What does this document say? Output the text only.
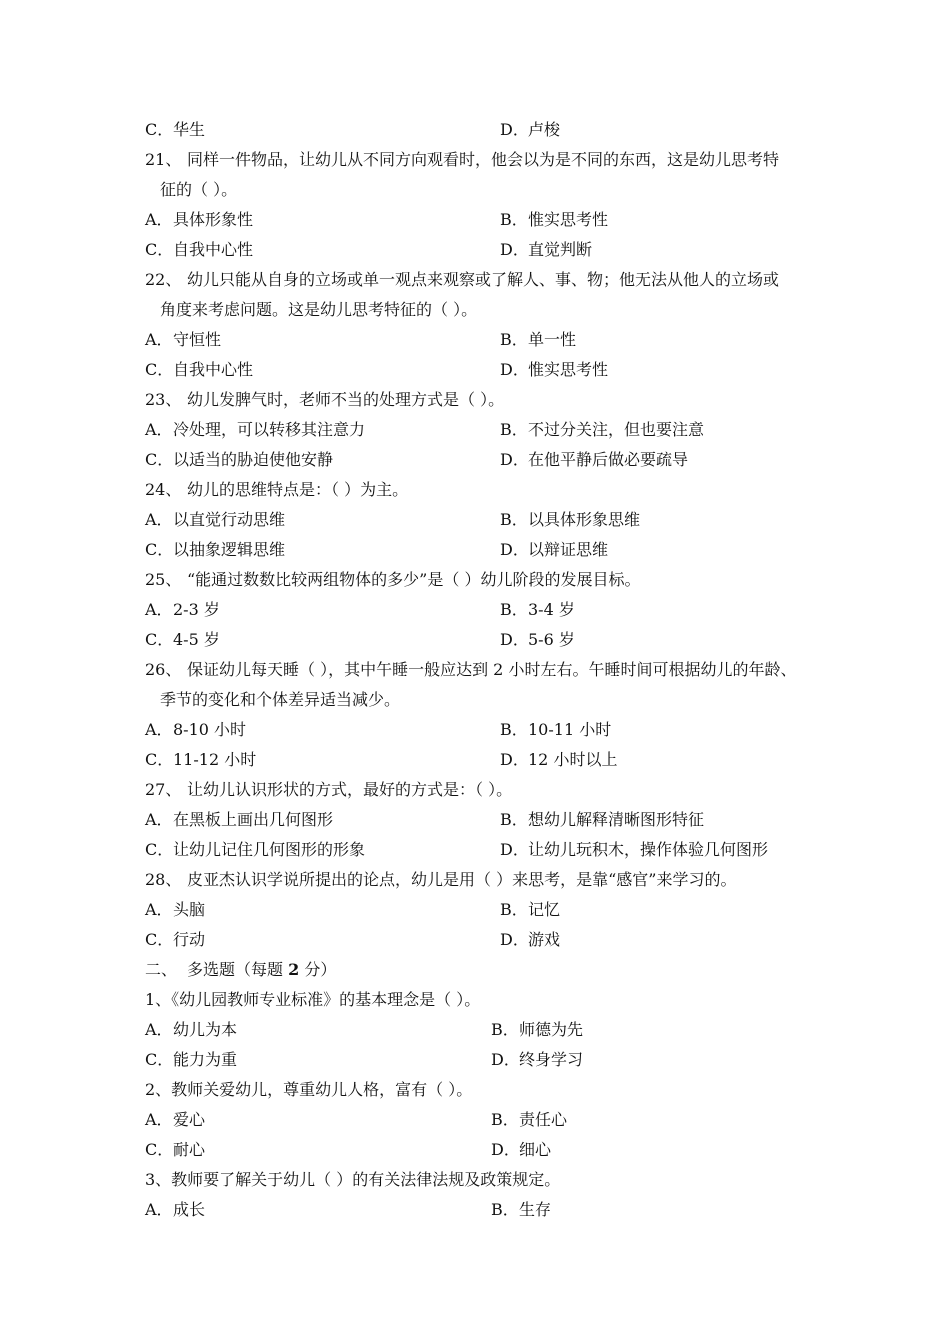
C．华生	D．卢梭
21、 同样一件物品，让幼儿从不同方向观看时，他会以为是不同的东西，这是幼儿思考特
征的（ ）。
A．具体形象性	B．惟实思考性
C．自我中心性	D．直觉判断
22、 幼儿只能从自身的立场或单一观点来观察或了解人、事、物；他无法从他人的立场或
角度来考虑问题。这是幼儿思考特征的（ ）。
A．守恒性	B．单一性
C．自我中心性	D．惟实思考性
23、 幼儿发脾气时，老师不当的处理方式是（ ）。
A．冷处理，可以转移其注意力	B．不过分关注，但也要注意
C．以适当的胁迫使他安静	D．在他平静后做必要疏导
24、 幼儿的思维特点是：（ ）为主。
A．以直觉行动思维	B．以具体形象思维
C．以抽象逻辑思维	D．以辩证思维
25、 “能通过数数比较两组物体的多少”是（ ）幼儿阶段的发展目标。
A．2-3 岁	B．3-4 岁
C．4-5 岁	D．5-6 岁
26、 保证幼儿每天睡（ ），其中午睡一般应达到 2 小时左右。午睡时间可根据幼儿的年龄、
季节的变化和个体差异适当减少。
A．8-10 小时	B．10-11 小时
C．11-12 小时	D．12 小时以上
27、 让幼儿认识形状的方式，最好的方式是：（ ）。
A．在黑板上画出几何图形	B．想幼儿解释清晰图形特征
C．让幼儿记住几何图形的形象	D．让幼儿玩积木，操作体验几何图形
28、 皮亚杰认识学说所提出的论点，幼儿是用（ ）来思考，是靠“感官”来学习的。
A．头脑	B．记忆
C．行动	D．游戏
二、 多选题（每题 2 分）
1、《幼儿园教师专业标准》的基本理念是（ ）。
A．幼儿为本	B．师德为先
C．能力为重	D．终身学习
2、教师关爱幼儿，尊重幼儿人格，富有（ ）。
A．爱心	B．责任心
C．耐心	D．细心
3、教师要了解关于幼儿（ ）的有关法律法规及政策规定。
A．成长	B．生存
